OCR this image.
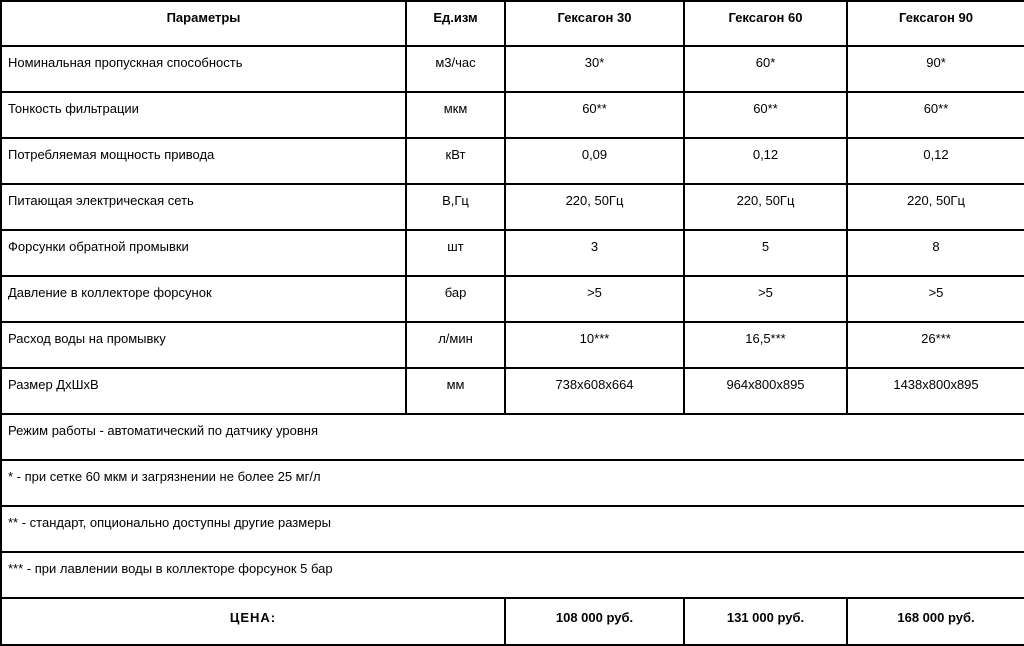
Параметры	Ед.изм	Гексагон 30	Гексагон 60	Гексагон 90
Номинальная пропускная способность	м3/час	30*	60*	90*
Тонкость фильтрации	мкм	60**	60**	60**
Потребляемая мощность привода	кВт	0,09	0,12	0,12
Питающая электрическая сеть	В,Гц	220, 50Гц	220, 50Гц	220, 50Гц
Форсунки обратной промывки	шт	3	5	8
Давление в коллекторе форсунок	бар	>5	>5	>5
Расход воды на промывку	л/мин	10***	16,5***	26***
Размер ДхШхВ	мм	738x608x664	964x800x895	1438x800x895
Режим работы - автоматический по датчику уровня				
* - при сетке 60 мкм и загрязнении не более 25 мг/л				
** - стандарт, опционально доступны другие размеры				
*** - при лавлении воды в коллекторе форсунок 5 бар				
ЦЕНА:		108 000 руб.	131 000 руб.	168 000 руб.
